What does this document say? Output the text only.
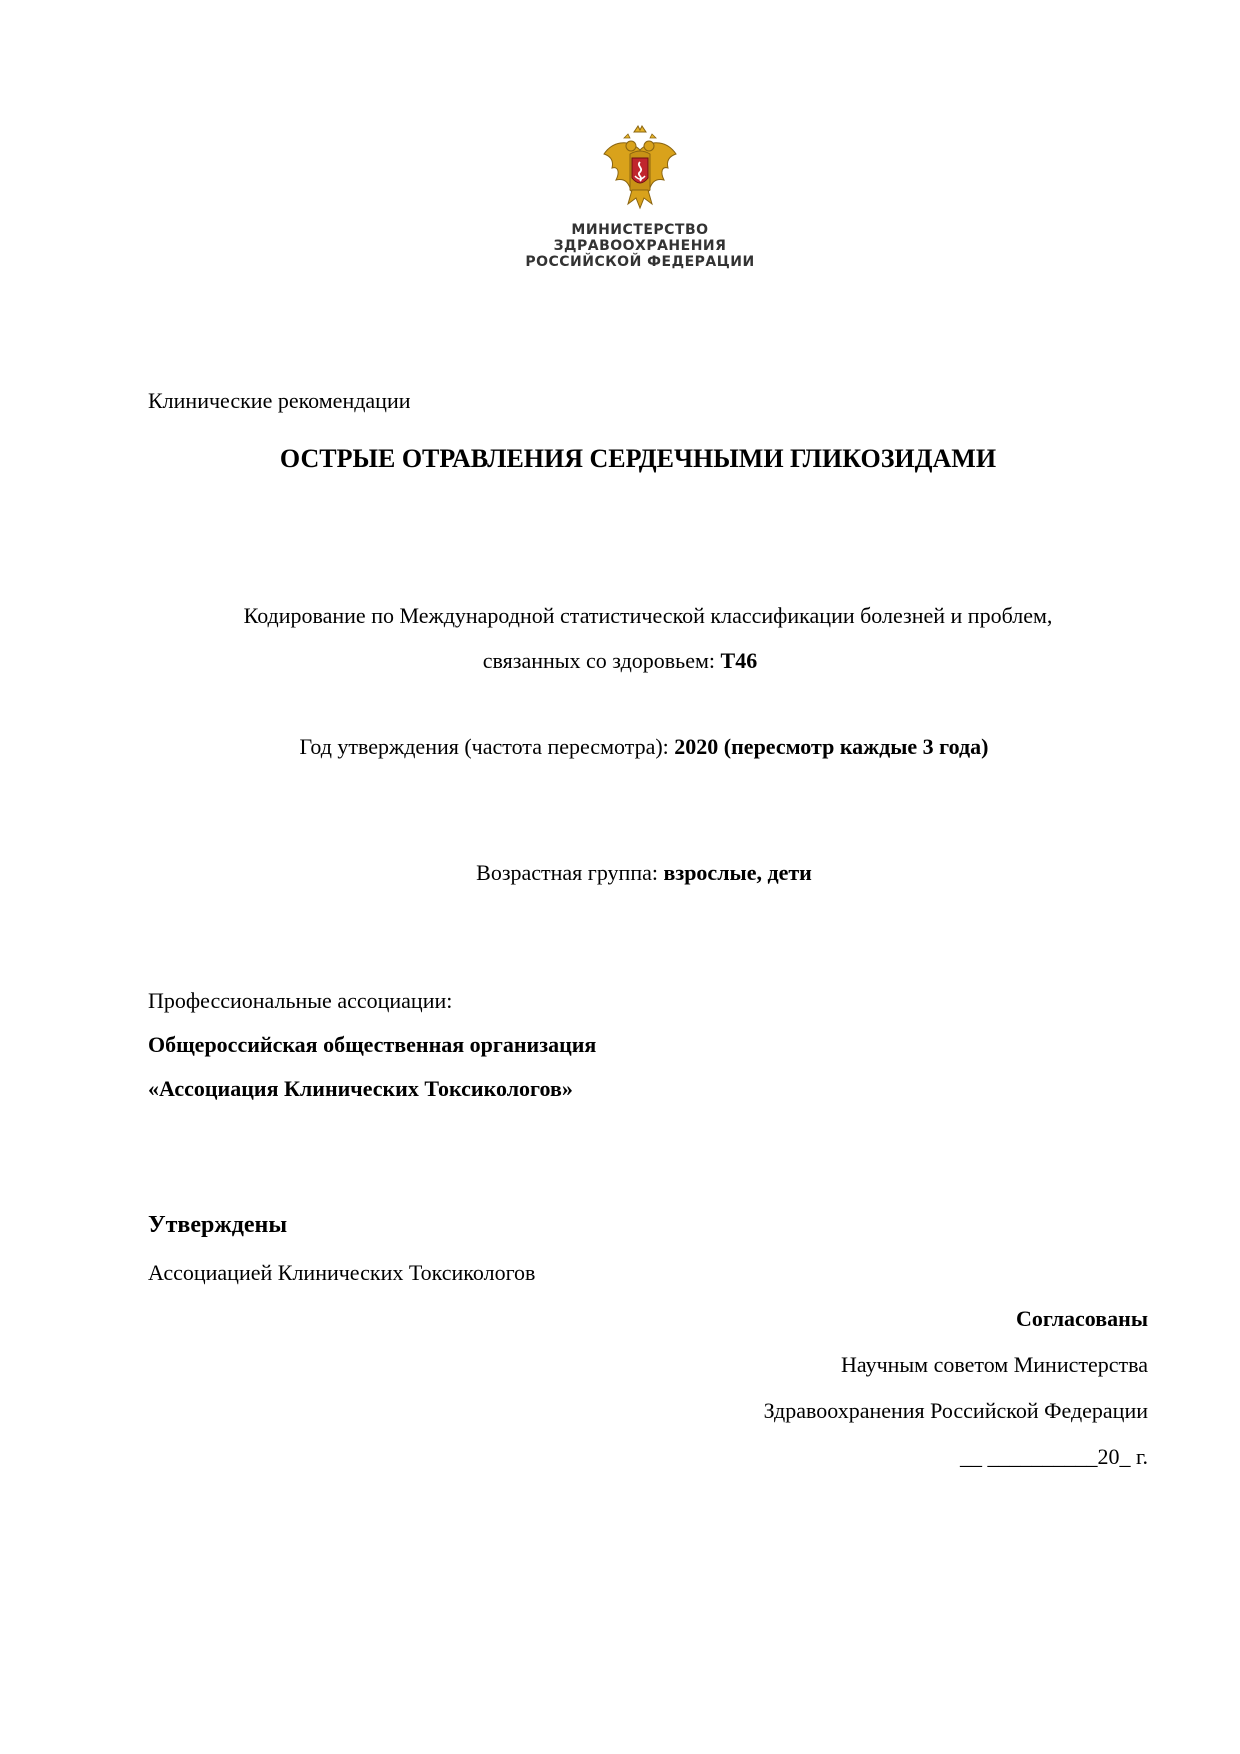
МИНИСТЕРСТВО
ЗДРАВООХРАНЕНИЯ
РОССИЙСКОЙ ФЕДЕРАЦИИ
Клинические рекомендации
ОСТРЫЕ ОТРАВЛЕНИЯ СЕРДЕЧНЫМИ ГЛИКОЗИДАМИ
Кодирование по Международной статистической классификации болезней и проблем,
связанных со здоровьем: T46
Год утверждения (частота пересмотра): 2020 (пересмотр каждые 3 года)
Возрастная группа: взрослые, дети
Профессиональные ассоциации:
Общероссийская общественная организация
«Ассоциация Клинических Токсикологов»
Утверждены
Ассоциацией Клинических Токсикологов
Согласованы
Научным советом Министерства
Здравоохранения Российской Федерации
__ __________20_ г.
